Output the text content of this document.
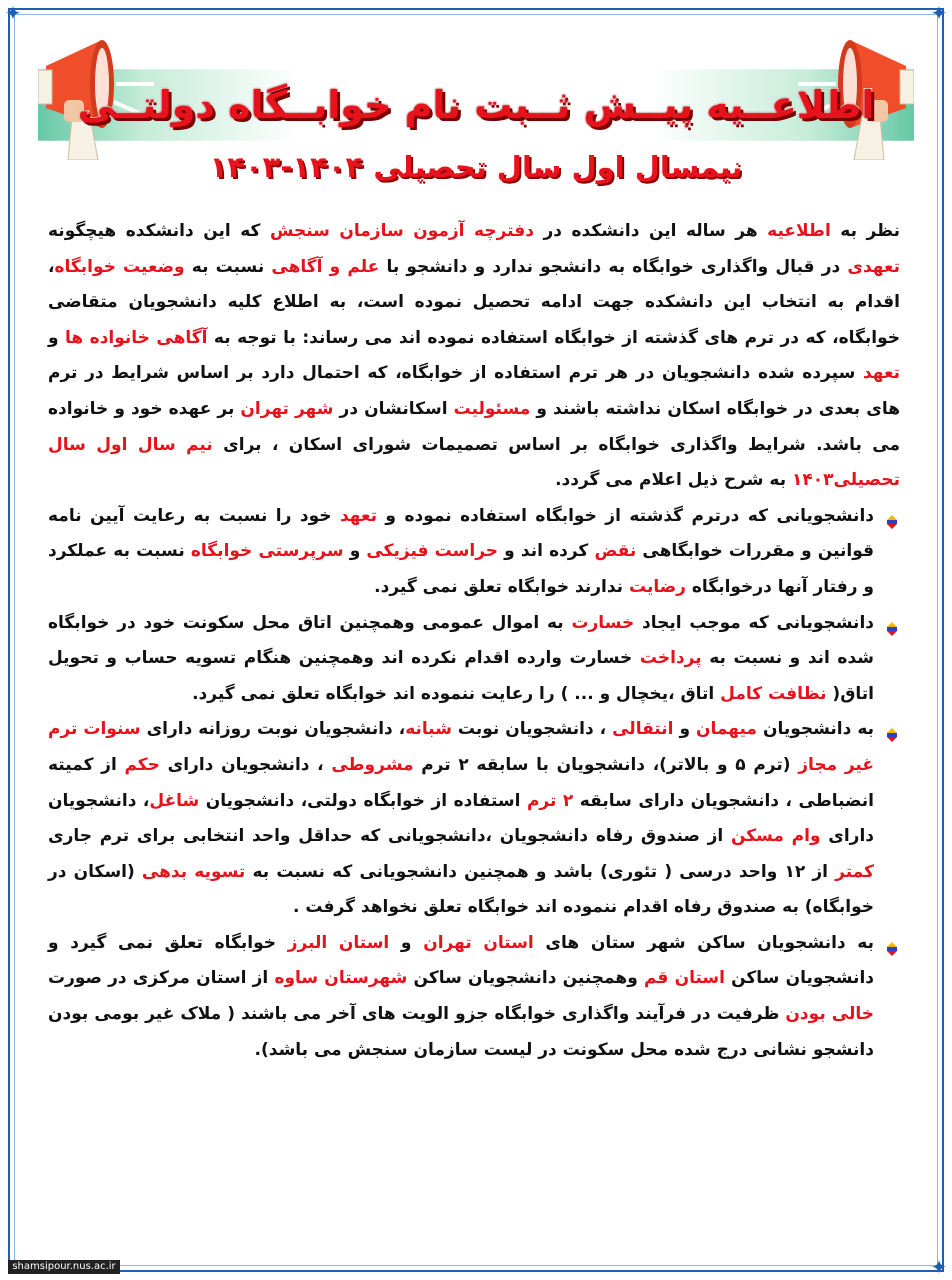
✦	✦
✦
اطلاعــیه پیــش ثــبت نام خوابــگاه دولتــی
نیمسال اول سال تحصیلی ۱۴۰۴-۱۴۰۳

نظر به اطلاعیه هر ساله این دانشکده در دفترچه آزمون سازمان سنجش که این دانشکده هیچگونه تعهدی در قبال واگذاری خوابگاه به دانشجو ندارد و دانشجو با علم و آگاهی نسبت به وضعیت خوابگاه، اقدام به انتخاب این دانشکده جهت ادامه تحصیل نموده است، به اطلاع کلیه دانشجویان متقاضی خوابگاه، که در ترم های گذشته از خوابگاه استفاده نموده اند می رساند: با توجه به آگاهی خانواده ها و تعهد سپرده شده دانشجویان در هر ترم استفاده از خوابگاه، که احتمال دارد بر اساس شرایط در ترم های بعدی در خوابگاه اسکان نداشته باشند و مسئولیت اسکانشان در شهر تهران بر عهده خود و خانواده می باشد. شرایط واگذاری خوابگاه بر اساس تصمیمات شورای اسکان ، برای نیم سال اول سال تحصیلی۱۴۰۳ به شرح ذیل اعلام می گردد.

دانشجویانی که درترم گذشته از خوابگاه استفاده نموده و تعهد خود را نسبت به رعایت آیین نامه قوانین و مقررات خوابگاهی نقض کرده اند و حراست فیزیکی و سرپرستی خوابگاه نسبت به عملکرد و رفتار آنها درخوابگاه رضایت ندارند خوابگاه تعلق نمی گیرد.
دانشجویانی که موجب ایجاد خسارت به اموال عمومی وهمچنین اتاق محل سکونت خود در خوابگاه شده اند و نسبت به پرداخت خسارت وارده اقدام نکرده اند وهمچنین هنگام تسویه حساب و تحویل اتاق( نظافت کامل اتاق ،یخچال و ... ) را رعایت ننموده اند خوابگاه تعلق نمی گیرد.
به دانشجویان میهمان و انتقالی ، دانشجویان نوبت شبانه، دانشجویان نوبت روزانه دارای سنوات ترم غیر مجاز (ترم ۵ و بالاتر)، دانشجویان با سابقه ۲ ترم مشروطی ، دانشجویان دارای حکم از کمیته انضباطی ، دانشجویان دارای سابقه ۲ ترم استفاده از خوابگاه دولتی، دانشجویان شاغل، دانشجویان دارای وام مسکن از صندوق رفاه دانشجویان ،دانشجویانی که حداقل واحد انتخابی برای ترم جاری کمتر از ۱۲ واحد درسی ( تئوری) باشد و همچنین دانشجویانی که نسبت به تسویه بدهی (اسکان در خوابگاه) به صندوق رفاه اقدام ننموده اند خوابگاه تعلق نخواهد گرفت .
به دانشجویان ساکن شهر ستان های استان تهران و استان البرز خوابگاه تعلق نمی گیرد و دانشجویان ساکن استان قم وهمچنین دانشجویان ساکن شهرستان ساوه از استان مرکزی در صورت خالی بودن ظرفیت در فرآیند واگذاری خوابگاه جزو الویت های آخر می باشند ( ملاک غیر بومی بودن دانشجو نشانی درج شده محل سکونت در لیست سازمان سنجش می باشد).
shamsipour.nus.ac.ir
